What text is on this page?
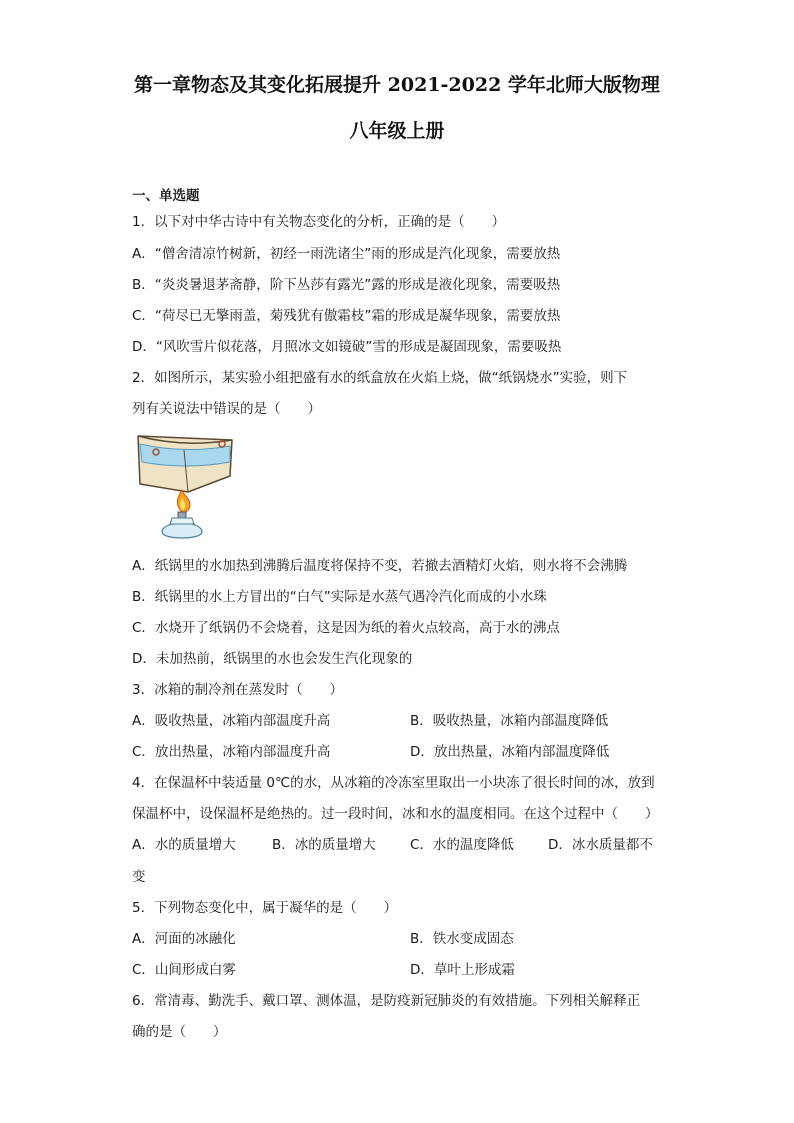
第一章物态及其变化拓展提升 2021-2022 学年北师大版物理
八年级上册
一、单选题
1．以下对中华古诗中有关物态变化的分析，正确的是（　　）
A．“僧舍清凉竹树新，初经一雨洗诸尘”雨的形成是汽化现象，需要放热
B．“炎炎暑退茅斋静，阶下丛莎有露光”露的形成是液化现象，需要吸热
C．“荷尽已无擎雨盖，菊残犹有傲霜枝”霜的形成是凝华现象，需要放热
D．“风吹雪片似花落，月照冰文如镜破”雪的形成是凝固现象，需要吸热
2．如图所示，某实验小组把盛有水的纸盒放在火焰上烧，做“纸锅烧水”实验，则下
列有关说法中错误的是（　　）
A．纸锅里的水加热到沸腾后温度将保持不变，若撤去酒精灯火焰，则水将不会沸腾
B．纸锅里的水上方冒出的“白气”实际是水蒸气遇冷汽化而成的小水珠
C．水烧开了纸锅仍不会烧着，这是因为纸的着火点较高，高于水的沸点
D．未加热前，纸锅里的水也会发生汽化现象的
3．冰箱的制冷剂在蒸发时（　　）
A．吸收热量，冰箱内部温度升高	B．吸收热量，冰箱内部温度降低
C．放出热量，冰箱内部温度升高	D．放出热量，冰箱内部温度降低
4．在保温杯中装适量 0℃的水，从冰箱的冷冻室里取出一小块冻了很长时间的冰，放到
保温杯中，设保温杯是绝热的。过一段时间，冰和水的温度相同。在这个过程中（　　）
A．水的质量增大	B．冰的质量增大	C．水的温度降低	D．冰水质量都不
变
5．下列物态变化中，属于凝华的是（　　）
A．河面的冰融化	B．铁水变成固态
C．山间形成白雾	D．草叶上形成霜
6．常清毒、勤洗手、戴口罩、测体温，是防疫新冠肺炎的有效措施。下列相关解释正
确的是（　　）
